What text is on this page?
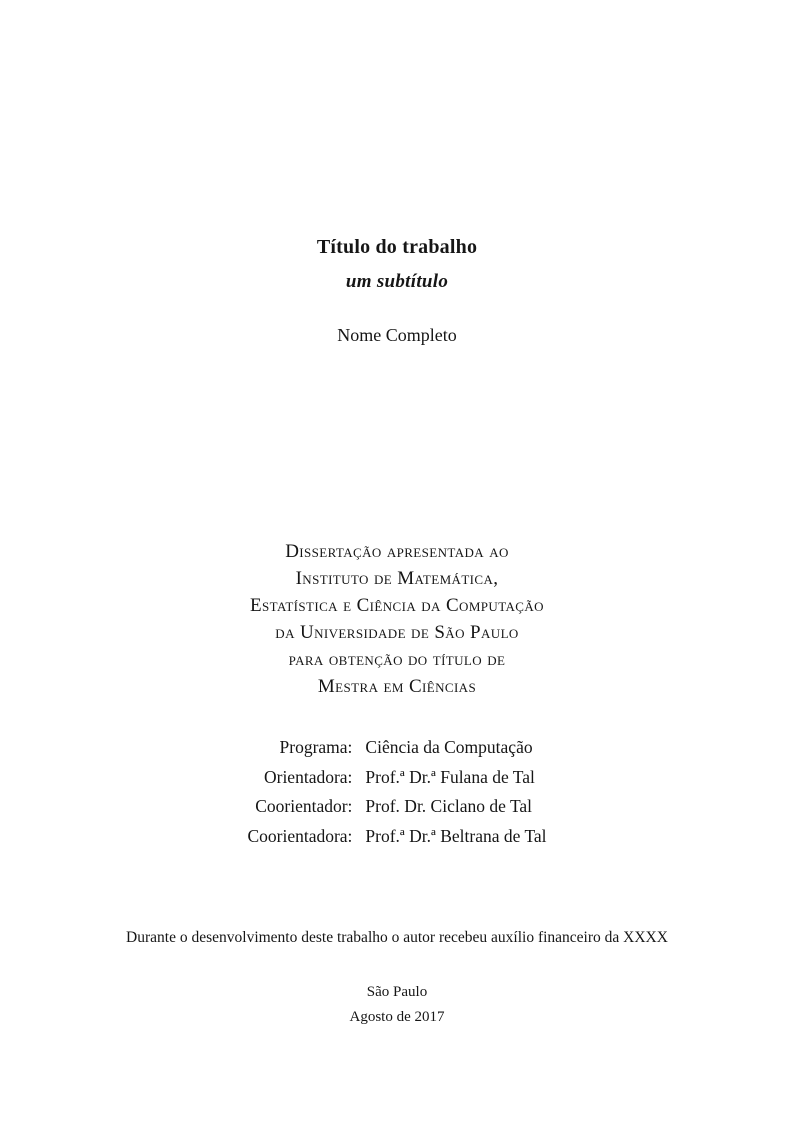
Título do trabalho
um subtítulo
Nome Completo
Dissertação apresentada ao
Instituto de Matemática,
Estatística e Ciência da Computação
da Universidade de São Paulo
para obtenção do título de
Mestra em Ciências
Programa: Ciência da Computação
Orientadora: Prof.ª Dr.ª Fulana de Tal
Coorientador: Prof. Dr. Ciclano de Tal
Coorientadora: Prof.ª Dr.ª Beltrana de Tal
Durante o desenvolvimento deste trabalho o autor recebeu auxílio financeiro da XXXX
São Paulo
Agosto de 2017
